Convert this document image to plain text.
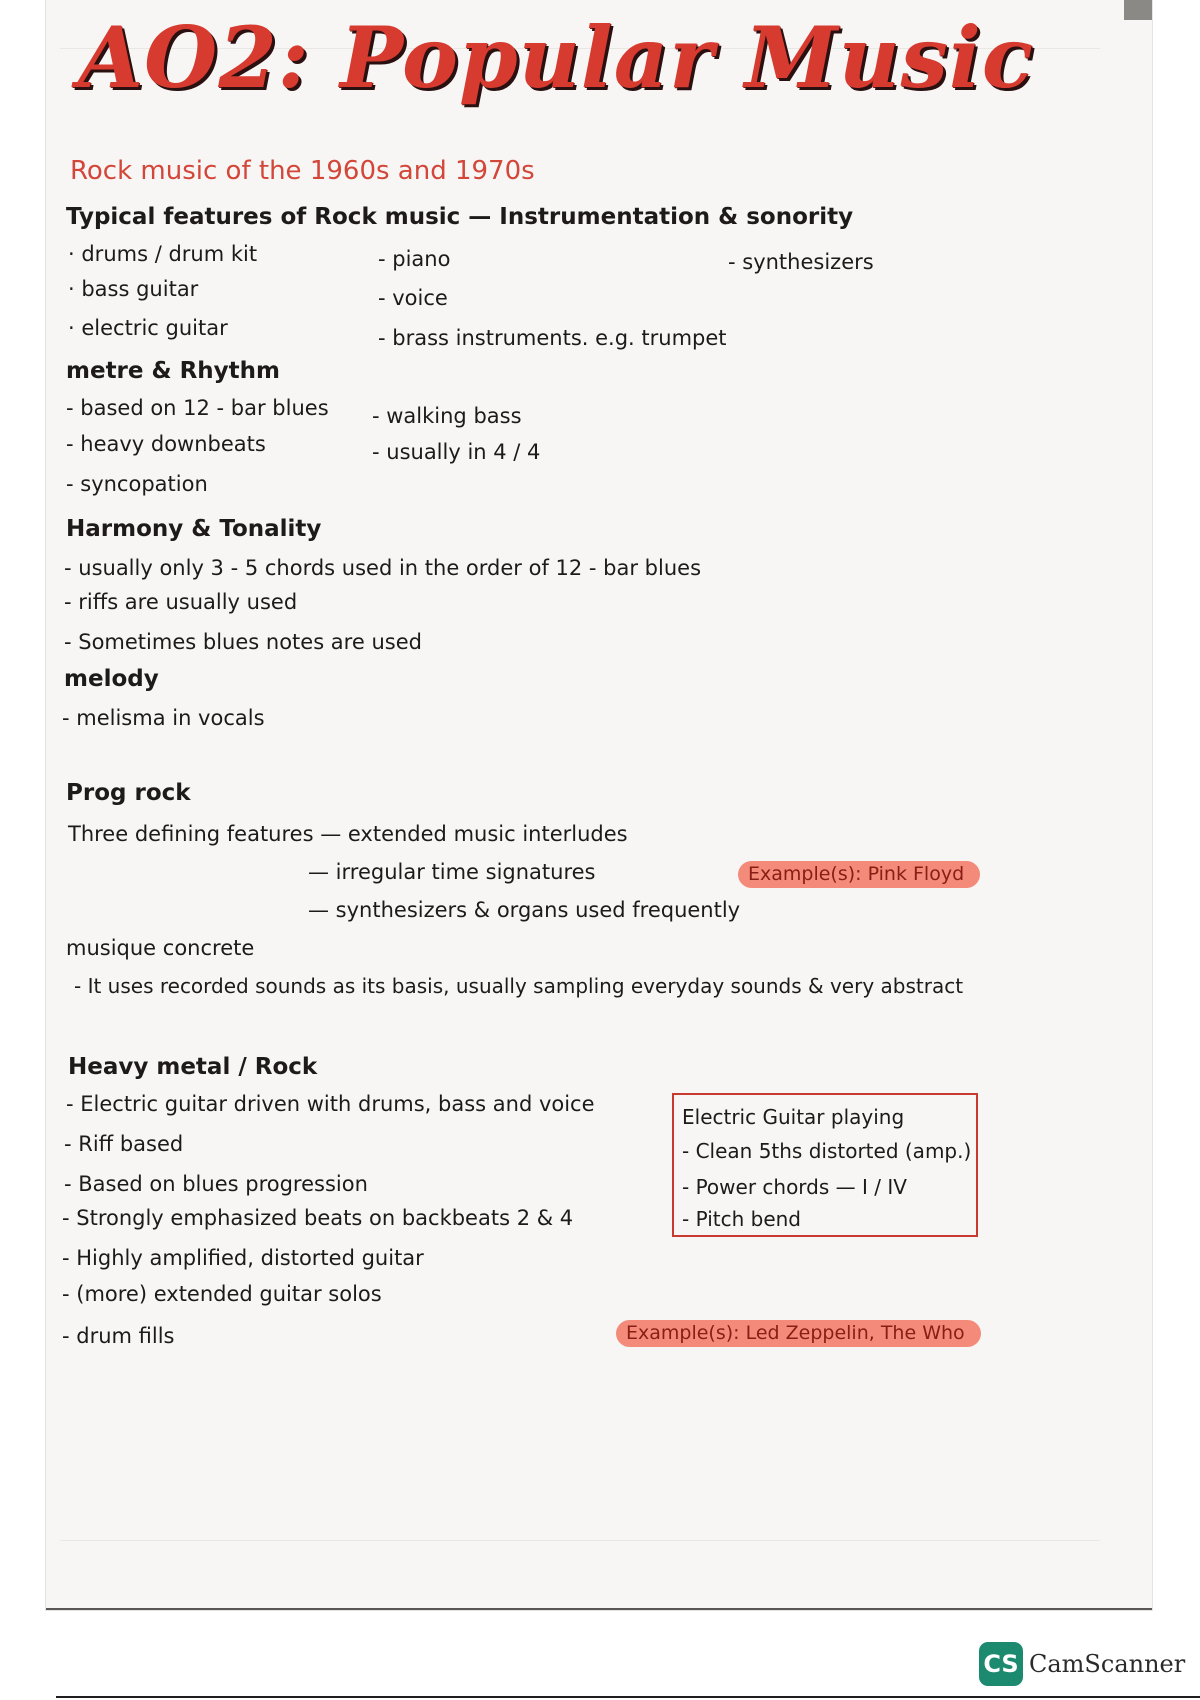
AO2: Popular Music
Rock music of the 1960s and 1970s
Typical features of Rock music — Instrumentation & sonority
· drums / drum kit
· bass guitar
· electric guitar
- piano
- voice
- brass instruments. e.g. trumpet
- synthesizers
metre & Rhythm
- based on 12 - bar blues
- heavy downbeats
- syncopation
- walking bass
- usually in 4 / 4
Harmony & Tonality
- usually only 3 - 5 chords used in the order of 12 - bar blues
- riffs are usually used
- Sometimes blues notes are used
melody
- melisma in vocals
Prog rock
Three defining features — extended music interludes
— irregular time signatures
— synthesizers & organs used frequently
Example(s): Pink Floyd
musique concrete
- It uses recorded sounds as its basis, usually sampling everyday sounds & very abstract
Heavy metal / Rock
- Electric guitar driven with drums, bass and voice
- Riff based
- Based on blues progression
- Strongly emphasized beats on backbeats 2 & 4
- Highly amplified, distorted guitar
- (more) extended guitar solos
- drum fills
Electric Guitar playing
- Clean 5ths distorted (amp.)
- Power chords — I / IV
- Pitch bend
Example(s): Led Zeppelin, The Who
CS CamScanner
